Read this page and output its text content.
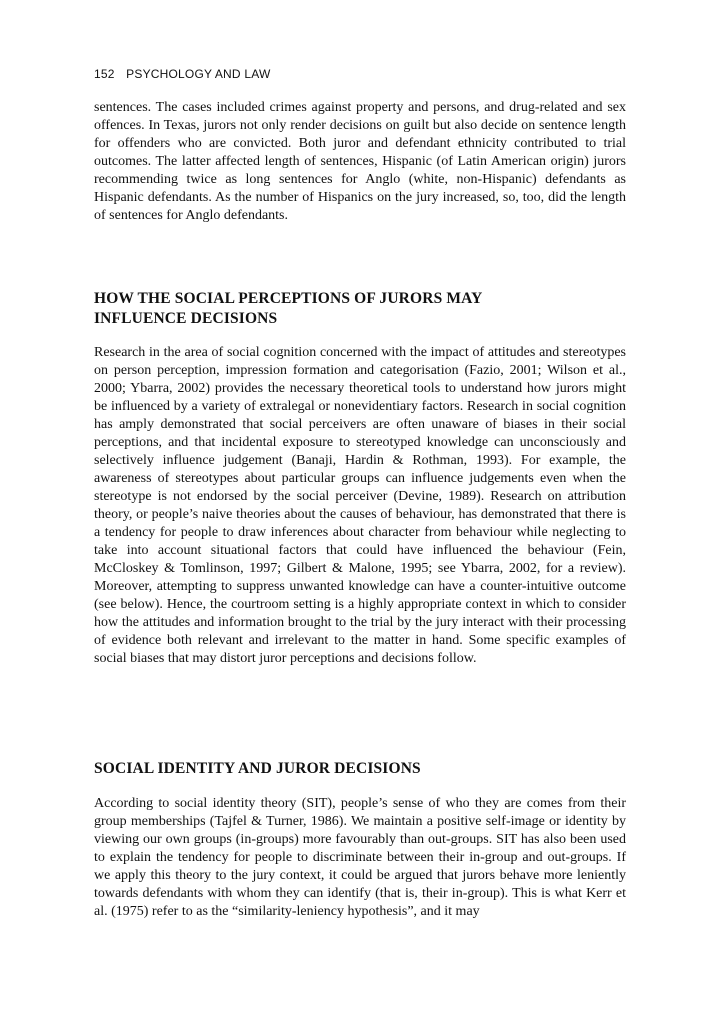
152 PSYCHOLOGY AND LAW

sentences. The cases included crimes against property and persons, and drug-related and sex offences. In Texas, jurors not only render decisions on guilt but also decide on sentence length for offenders who are convicted. Both juror and defendant ethnicity contributed to trial outcomes. The latter affected length of sentences, Hispanic (of Latin American origin) jurors recommending twice as long sentences for Anglo (white, non-Hispanic) defendants as Hispanic defendants. As the number of Hispanics on the jury increased, so, too, did the length of sentences for Anglo defendants.

HOW THE SOCIAL PERCEPTIONS OF JURORS MAY
INFLUENCE DECISIONS

Research in the area of social cognition concerned with the impact of attitudes and stereotypes on person perception, impression formation and categorisation (Fazio, 2001; Wilson et al., 2000; Ybarra, 2002) provides the necessary theoretical tools to understand how jurors might be influenced by a variety of extralegal or nonevidentiary factors. Research in social cognition has amply demonstrated that social perceivers are often unaware of biases in their social perceptions, and that incidental exposure to stereotyped knowledge can unconsciously and selectively influence judgement (Banaji, Hardin & Rothman, 1993). For example, the awareness of stereotypes about particular groups can influence judgements even when the stereotype is not endorsed by the social perceiver (Devine, 1989). Research on attribution theory, or people’s naive theories about the causes of behaviour, has demonstrated that there is a tendency for people to draw inferences about character from behaviour while neglecting to take into account situational factors that could have influenced the behaviour (Fein, McCloskey & Tomlinson, 1997; Gilbert & Malone, 1995; see Ybarra, 2002, for a review). Moreover, attempting to suppress unwanted knowledge can have a counter-intuitive outcome (see below). Hence, the courtroom setting is a highly appropriate context in which to consider how the attitudes and information brought to the trial by the jury interact with their processing of evidence both relevant and irrelevant to the matter in hand. Some specific examples of social biases that may distort juror perceptions and decisions follow.

SOCIAL IDENTITY AND JUROR DECISIONS

According to social identity theory (SIT), people’s sense of who they are comes from their group memberships (Tajfel & Turner, 1986). We maintain a positive self-image or identity by viewing our own groups (in-groups) more favourably than out-groups. SIT has also been used to explain the tendency for people to discriminate between their in-group and out-groups. If we apply this theory to the jury context, it could be argued that jurors behave more leniently towards defendants with whom they can identify (that is, their in-group). This is what Kerr et al. (1975) refer to as the “similarity-leniency hypothesis”, and it may
